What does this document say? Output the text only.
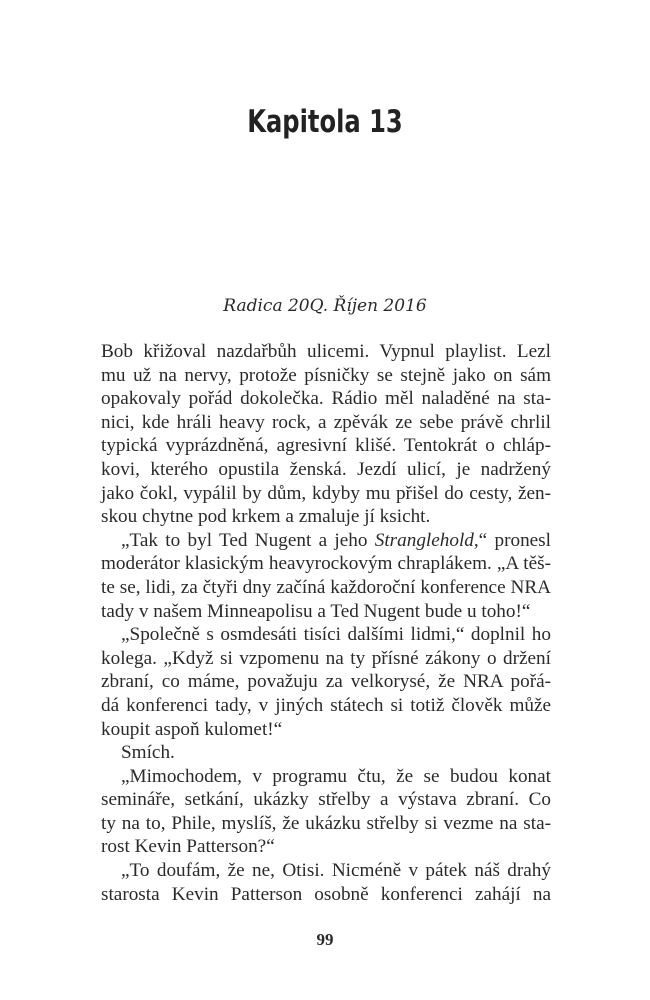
Kapitola 13
Radica 20Q. Říjen 2016
Bob křižoval nazdařbůh ulicemi. Vypnul playlist. Lezl
mu už na nervy, protože písničky se stejně jako on sám
opakovaly pořád dokolečka. Rádio měl naladěné na sta-
nici, kde hráli heavy rock, a zpěvák ze sebe právě chrlil
typická vyprázdněná, agresivní klišé. Tentokrát o chláp-
kovi, kterého opustila ženská. Jezdí ulicí, je nadržený
jako čokl, vypálil by dům, kdyby mu přišel do cesty, žen-
skou chytne pod krkem a zmaluje jí ksicht.
„Tak to byl Ted Nugent a jeho Stranglehold,“ pronesl
moderátor klasickým heavyrockovým chraplákem. „A těš-
te se, lidi, za čtyři dny začíná každoroční konference NRA
tady v našem Minneapolisu a Ted Nugent bude u toho!“
„Společně s osmdesáti tisíci dalšími lidmi,“ doplnil ho
kolega. „Když si vzpomenu na ty přísné zákony o držení
zbraní, co máme, považuju za velkorysé, že NRA pořá-
dá konferenci tady, v jiných státech si totiž člověk může
koupit aspoň kulomet!“
Smích.
„Mimochodem, v programu čtu, že se budou konat
semináře, setkání, ukázky střelby a výstava zbraní. Co
ty na to, Phile, myslíš, že ukázku střelby si vezme na sta-
rost Kevin Patterson?“
„To doufám, že ne, Otisi. Nicméně v pátek náš drahý
starosta Kevin Patterson osobně konferenci zahájí na
99
